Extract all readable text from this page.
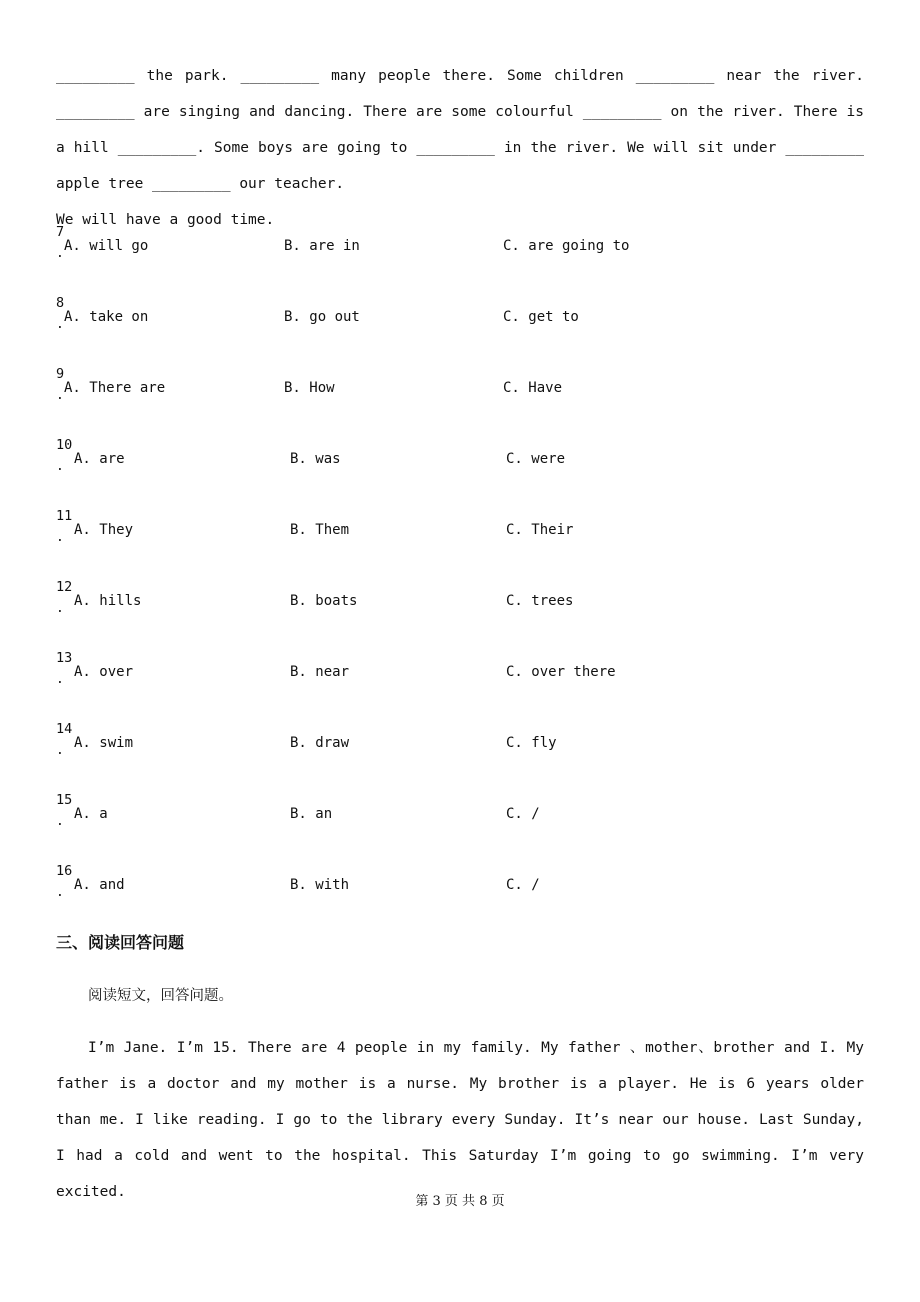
_________ the park. _________ many people there. Some children _________ near the river. _________ are singing and dancing. There are some colourful _________ on the river. There is a hill _________. Some boys are going to _________ in the river. We will sit under _________ apple tree _________ our teacher.

We will have a good time.

7
. A. will go	B. are in	C. are going to
8
. A. take on	B. go out	C. get to
9
. A. There are	B. How	C. Have
10
. A. are	B. was	C. were
11
. A. They	B. Them	C. Their
12
. A. hills	B. boats	C. trees
13
. A. over	B. near	C. over there
14
. A. swim	B. draw	C. fly
15
. A. a	B. an	C. /
16
. A. and	B. with	C. /
三、阅读回答问题
阅读短文，回答问题。

I’m Jane. I’m 15. There are 4 people in my family. My father 、mother、brother and I. My father is a doctor and my mother is a nurse. My brother is a player. He is 6 years older than me. I like reading. I go to the library every Sunday. It’s near our house. Last Sunday, I had a cold and went to the hospital. This Saturday I’m going to go swimming. I’m very excited.

第 3 页 共 8 页
